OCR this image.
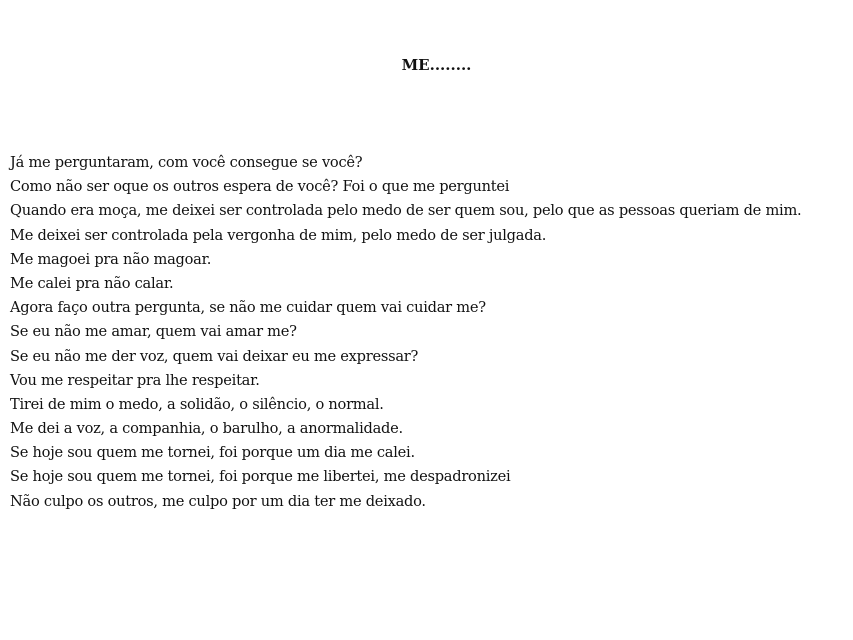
ME........
Já me perguntaram, com você consegue se você?
Como não ser oque os outros espera de você? Foi o que me perguntei
Quando era moça, me deixei ser controlada pelo medo de ser quem sou, pelo que as pessoas queriam de mim.
Me deixei ser controlada pela vergonha de mim, pelo medo de ser julgada.
Me magoei pra não magoar.
Me calei pra não calar.
Agora faço outra pergunta, se não me cuidar quem vai cuidar me?
Se eu não me amar, quem vai amar me?
Se eu não me der voz, quem vai deixar eu me expressar?
Vou me respeitar pra lhe respeitar.
Tirei de mim o medo, a solidão, o silêncio, o normal.
Me dei a voz, a companhia, o barulho, a anormalidade.
Se hoje sou quem me tornei, foi porque um dia me calei.
Se hoje sou quem me tornei, foi porque me libertei, me despadronizei
Não culpo os outros, me culpo por um dia ter me deixado.
